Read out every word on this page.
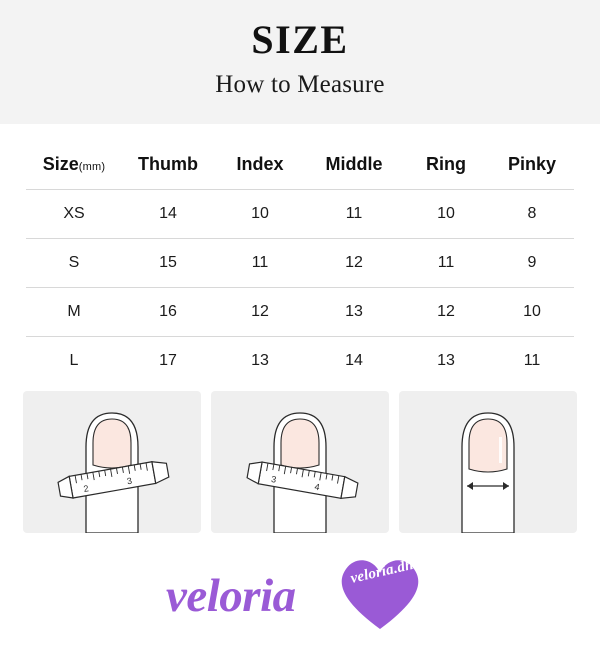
SIZE
How to Measure
Size(mm)	Thumb	Index	Middle	Ring	Pinky
XS	14	10	11	10	8
S	15	11	12	11	9
M	16	12	13	12	10
L	17	13	14	13	11
2
3	3
4
veloria.dhk
veloria
